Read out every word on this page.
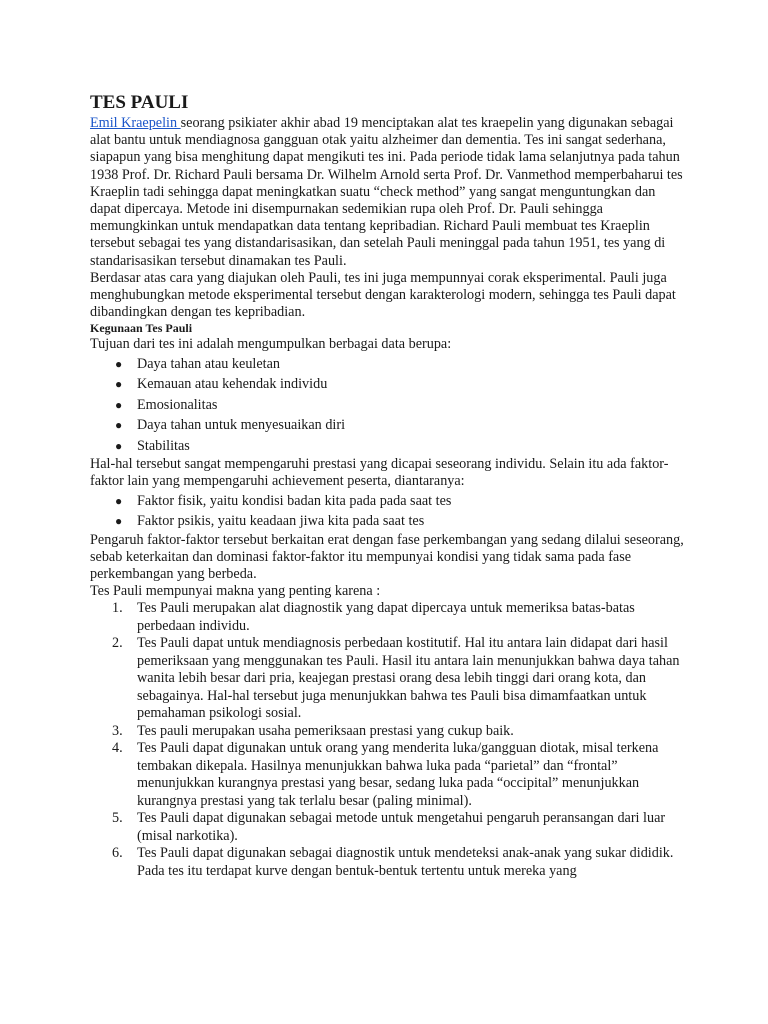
TES PAULI

Emil Kraepelin seorang psikiater akhir abad 19 menciptakan alat tes kraepelin yang digunakan sebagai alat bantu untuk mendiagnosa gangguan otak yaitu alzheimer dan dementia. Tes ini sangat sederhana, siapapun yang bisa menghitung dapat mengikuti tes ini. Pada periode tidak lama selanjutnya pada tahun 1938 Prof. Dr. Richard Pauli bersama Dr. Wilhelm Arnold serta Prof. Dr. Vanmethod memperbaharui tes Kraeplin tadi sehingga dapat meningkatkan suatu “check method” yang sangat menguntungkan dan dapat dipercaya. Metode ini disempurnakan sedemikian rupa oleh Prof. Dr. Pauli sehingga memungkinkan untuk mendapatkan data tentang kepribadian. Richard Pauli membuat tes Kraeplin tersebut sebagai tes yang distandarisasikan, dan setelah Pauli meninggal pada tahun 1951, tes yang di standarisasikan tersebut dinamakan tes Pauli.

Berdasar atas cara yang diajukan oleh Pauli, tes ini juga mempunnyai corak eksperimental. Pauli juga menghubungkan metode eksperimental tersebut dengan karakterologi modern, sehingga tes Pauli dapat dibandingkan dengan tes kepribadian.

Kegunaan Tes Pauli

Tujuan dari tes ini adalah mengumpulkan berbagai data berupa:

● Daya tahan atau keuletan
● Kemauan atau kehendak individu
● Emosionalitas
● Daya tahan untuk menyesuaikan diri
● Stabilitas

Hal-hal tersebut sangat mempengaruhi prestasi yang dicapai seseorang individu. Selain itu ada faktor-faktor lain yang mempengaruhi achievement peserta, diantaranya:

● Faktor fisik, yaitu kondisi badan kita pada pada saat tes
● Faktor psikis, yaitu keadaan jiwa kita pada saat tes

Pengaruh faktor-faktor tersebut berkaitan erat dengan fase perkembangan yang sedang dilalui seseorang, sebab keterkaitan dan dominasi faktor-faktor itu mempunyai kondisi yang tidak sama pada fase perkembangan yang berbeda.

Tes Pauli mempunyai makna yang penting karena :

1. Tes Pauli merupakan alat diagnostik yang dapat dipercaya untuk memeriksa batas-batas perbedaan individu.
2. Tes Pauli dapat untuk mendiagnosis perbedaan kostitutif. Hal itu antara lain didapat dari hasil pemeriksaan yang menggunakan tes Pauli. Hasil itu antara lain menunjukkan bahwa daya tahan wanita lebih besar dari pria, keajegan prestasi orang desa lebih tinggi dari orang kota, dan sebagainya. Hal-hal tersebut juga menunjukkan bahwa tes Pauli bisa dimamfaatkan untuk pemahaman psikologi sosial.
3. Tes pauli merupakan usaha pemeriksaan prestasi yang cukup baik.
4. Tes Pauli dapat digunakan untuk orang yang menderita luka/gangguan diotak, misal terkena tembakan dikepala. Hasilnya menunjukkan bahwa luka pada “parietal” dan “frontal” menunjukkan kurangnya prestasi yang besar, sedang luka pada “occipital” menunjukkan kurangnya prestasi yang tak terlalu besar (paling minimal).
5. Tes Pauli dapat digunakan sebagai metode untuk mengetahui pengaruh peransangan dari luar (misal narkotika).
6. Tes Pauli dapat digunakan sebagai diagnostik untuk mendeteksi anak-anak yang sukar dididik. Pada tes itu terdapat kurve dengan bentuk-bentuk tertentu untuk mereka yang
